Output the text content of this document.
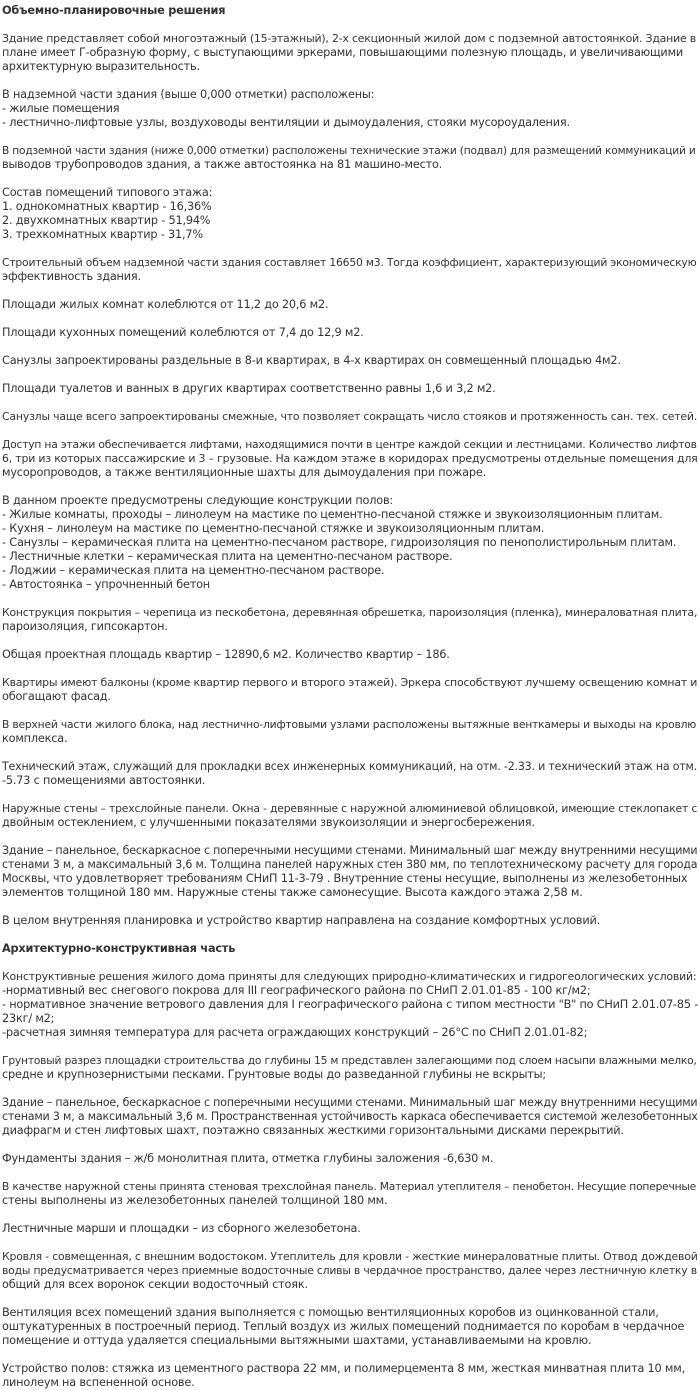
Объемно-планировочные решения
Здание представляет собой многоэтажный (15-этажный), 2-х секционный жилой дом с подземной автостоянкой. Здание в
плане имеет Г-образную форму, с выступающими эркерами, повышающими полезную площадь, и увеличивающими
архитектурную выразительность.
В надземной части здания (выше 0,000 отметки) расположены:
- жилые помещения
- лестнично-лифтовые узлы, воздуховоды вентиляции и дымоудаления, стояки мусороудаления.
В подземной части здания (ниже 0,000 отметки) расположены технические этажи (подвал) для размещений коммуникаций и
выводов трубопроводов здания, а также автостоянка на 81 машино-место.
Состав помещений типового этажа:
1. однокомнатных квартир - 16,36%
2. двухкомнатных квартир - 51,94%
3. трехкомнатных квартир - 31,7%
Строительный объем надземной части здания составляет 16650 м3. Тогда коэффициент, характеризующий экономическую
эффективность здания.
Площади жилых комнат колеблются от 11,2 до 20,6 м2.
Площади кухонных помещений колеблются от 7,4 до 12,9 м2.
Санузлы запроектированы раздельные в 8-и квартирах, в 4-х квартирах он совмещенный площадью 4м2.
Площади туалетов и ванных в других квартирах соответственно равны 1,6 и 3,2 м2.
Санузлы чаще всего запроектированы смежные, что позволяет сокращать число стояков и протяженность сан. тех. сетей.
Доступ на этажи обеспечивается лифтами, находящимися почти в центре каждой секции и лестницами. Количество лифтов
6, три из которых пассажирские и 3 – грузовые. На каждом этаже в коридорах предусмотрены отдельные помещения для
мусоропроводов, а также вентиляционные шахты для дымоудаления при пожаре.
В данном проекте предусмотрены следующие конструкции полов:
- Жилые комнаты, проходы – линолеум на мастике по цементно-песчаной стяжке и звукоизоляционным плитам.
- Кухня – линолеум на мастике по цементно-песчаной стяжке и звукоизоляционным плитам.
- Санузлы – керамическая плита на цементно-песчаном растворе, гидроизоляция по пенополистирольным плитам.
- Лестничные клетки – керамическая плита на цементно-песчаном растворе.
- Лоджии – керамическая плита на цементно-песчаном растворе.
- Автостоянка – упрочненный бетон
Конструкция покрытия – черепица из пескобетона, деревянная обрешетка, пароизоляция (пленка), минераловатная плита,
пароизоляция, гипсокартон.
Общая проектная площадь квартир – 12890,6 м2. Количество квартир – 186.
Квартиры имеют балконы (кроме квартир первого и второго этажей). Эркера способствуют лучшему освещению комнат и
обогащают фасад.
В верхней части жилого блока, над лестнично-лифтовыми узлами расположены вытяжные венткамеры и выходы на кровлю
комплекса.
Технический этаж, служащий для прокладки всех инженерных коммуникаций, на отм. -2.33. и технический этаж на отм.
-5.73 с помещениями автостоянки.
Наружные стены – трехслойные панели. Окна - деревянные с наружной алюминиевой облицовкой, имеющие стеклопакет с
двойным остеклением, с улучшенными показателями звукоизоляции и энергосбережения.
Здание – панельное, бескаркасное с поперечными несущими стенами. Минимальный шаг между внутренними несущими
стенами 3 м, а максимальный 3,6 м. Толщина панелей наружных стен 380 мм, по теплотехническому расчету для города
Москвы, что удовлетворяет требованиям СНиП 11-3-79 . Внутренние стены несущие, выполнены из железобетонных
элементов толщиной 180 мм. Наружные стены также самонесущие. Высота каждого этажа 2,58 м.
В целом внутренняя планировка и устройство квартир направлена на создание комфортных условий.
Архитектурно-конструктивная часть
Конструктивные решения жилого дома приняты для следующих природно-климатических и гидрогеологических условий:
-нормативный вес снегового покрова для III географического района по СНиП 2.01.01-85 - 100 кг/м2;
- нормативное значение ветрового давления для I географического района с типом местности "В" по СНиП 2.01.07-85 -
23кг/ м2;
-расчетная зимняя температура для расчета ограждающих конструкций – 26°С по СНиП 2.01.01-82;
Грунтовый разрез площадки строительства до глубины 15 м представлен залегающими под слоем насыпи влажными мелко,
средне и крупнозернистыми песками. Грунтовые воды до разведанной глубины не вскрыты;
Здание – панельное, бескаркасное с поперечными несущими стенами. Минимальный шаг между внутренними несущими
стенами 3 м, а максимальный 3,6 м. Пространственная устойчивость каркаса обеспечивается системой железобетонных
диафрагм и стен лифтовых шахт, поэтажно связанных жесткими горизонтальными дисками перекрытий.
Фундаменты здания – ж/б монолитная плита, отметка глубины заложения -6,630 м.
В качестве наружной стены принята стеновая трехслойная панель. Материал утеплителя – пенобетон. Несущие поперечные
стены выполнены из железобетонных панелей толщиной 180 мм.
Лестничные марши и площадки – из сборного железобетона.
Кровля - совмещенная, с внешним водостоком. Утеплитель для кровли - жесткие минераловатные плиты. Отвод дождевой
воды предусматривается через приемные водосточные сливы в чердачное пространство, далее через лестничную клетку в
общий для всех воронок секции водосточный стояк.
Вентиляция всех помещений здания выполняется с помощью вентиляционных коробов из оцинкованной стали,
оштукатуренных в построечный период. Теплый воздух из жилых помещений поднимается по коробам в чердачное
помещение и оттуда удаляется специальными вытяжными шахтами, устанавливаемыми на кровлю.
Устройство полов: стяжка из цементного раствора 22 мм, и полимерцемента 8 мм, жесткая минватная плита 10 мм,
линолеум на вспененной основе.
